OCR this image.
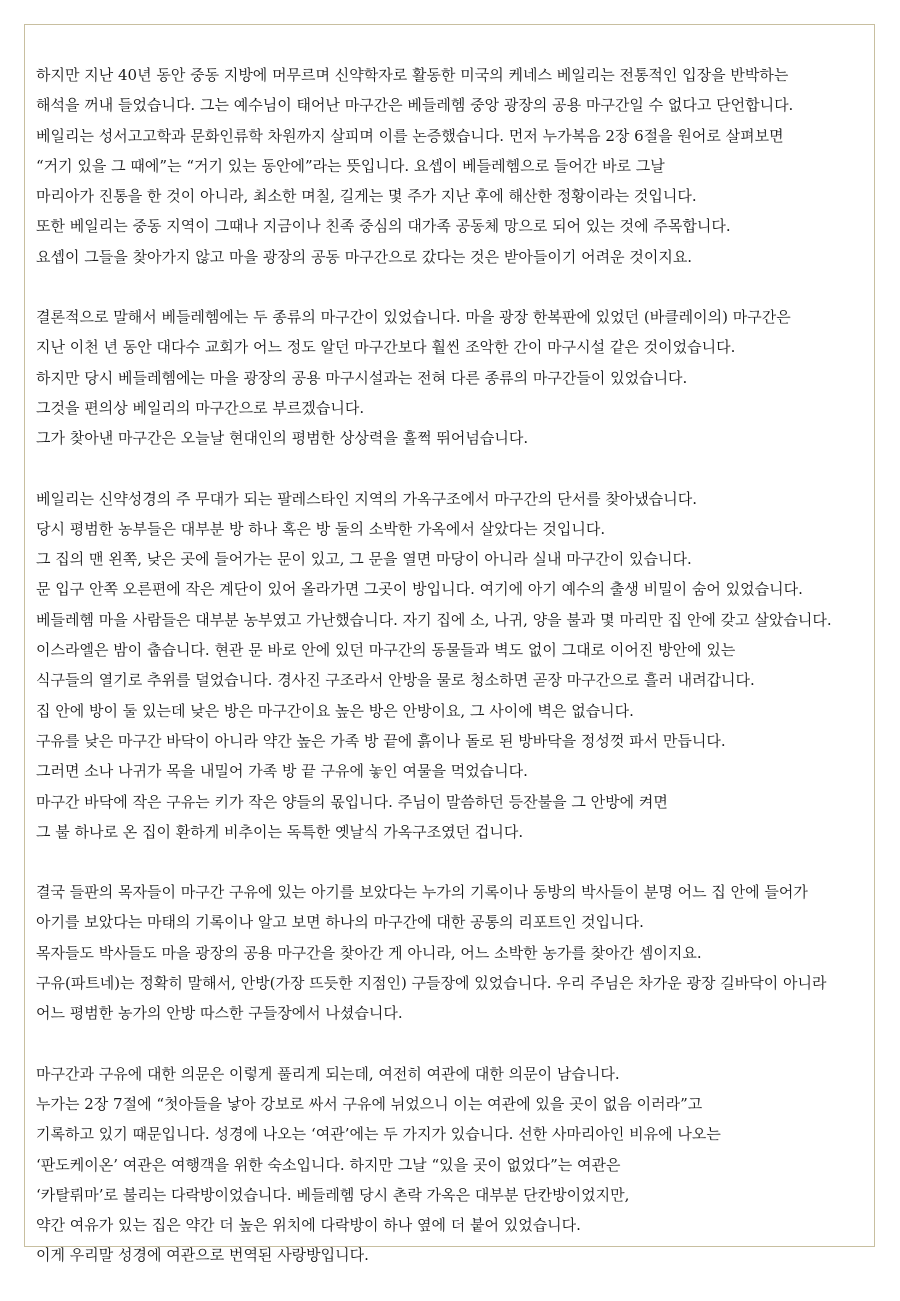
하지만 지난 40년 동안 중동 지방에 머무르며 신약학자로 활동한 미국의 케네스 베일리는 전통적인 입장을 반박하는
해석을 꺼내 들었습니다. 그는 예수님이 태어난 마구간은 베들레헴 중앙 광장의 공용 마구간일 수 없다고 단언합니다.
베일리는 성서고고학과 문화인류학 차원까지 살피며 이를 논증했습니다. 먼저 누가복음 2장 6절을 원어로 살펴보면
“거기 있을 그 때에”는 “거기 있는 동안에”라는 뜻입니다. 요셉이 베들레헴으로 들어간 바로 그날
마리아가 진통을 한 것이 아니라, 최소한 며칠, 길게는 몇 주가 지난 후에 해산한 정황이라는 것입니다.
또한 베일리는 중동 지역이 그때나 지금이나 친족 중심의 대가족 공동체 망으로 되어 있는 것에 주목합니다.
요셉이 그들을 찾아가지 않고 마을 광장의 공동 마구간으로 갔다는 것은 받아들이기 어려운 것이지요.
결론적으로 말해서 베들레헴에는 두 종류의 마구간이 있었습니다. 마을 광장 한복판에 있었던 (바클레이의) 마구간은
지난 이천 년 동안 대다수 교회가 어느 정도 알던 마구간보다 훨씬 조악한 간이 마구시설 같은 것이었습니다.
하지만 당시 베들레헴에는 마을 광장의 공용 마구시설과는 전혀 다른 종류의 마구간들이 있었습니다.
그것을 편의상 베일리의 마구간으로 부르겠습니다.
그가 찾아낸 마구간은 오늘날 현대인의 평범한 상상력을 훌쩍 뛰어넘습니다.
베일리는 신약성경의 주 무대가 되는 팔레스타인 지역의 가옥구조에서 마구간의 단서를 찾아냈습니다.
당시 평범한 농부들은 대부분 방 하나 혹은 방 둘의 소박한 가옥에서 살았다는 것입니다.
그 집의 맨 왼쪽, 낮은 곳에 들어가는 문이 있고, 그 문을 열면 마당이 아니라 실내 마구간이 있습니다.
문 입구 안쪽 오른편에 작은 계단이 있어 올라가면 그곳이 방입니다. 여기에 아기 예수의 출생 비밀이 숨어 있었습니다.
베들레헴 마을 사람들은 대부분 농부였고 가난했습니다. 자기 집에 소, 나귀, 양을 불과 몇 마리만 집 안에 갖고 살았습니다.
이스라엘은 밤이 춥습니다. 현관 문 바로 안에 있던 마구간의 동물들과 벽도 없이 그대로 이어진 방안에 있는
식구들의 열기로 추위를 덜었습니다. 경사진 구조라서 안방을 물로 청소하면 곧장 마구간으로 흘러 내려갑니다.
집 안에 방이 둘 있는데 낮은 방은 마구간이요 높은 방은 안방이요, 그 사이에 벽은 없습니다.
구유를 낮은 마구간 바닥이 아니라 약간 높은 가족 방 끝에 흙이나 돌로 된 방바닥을 정성껏 파서 만듭니다.
그러면 소나 나귀가 목을 내밀어 가족 방 끝 구유에 놓인 여물을 먹었습니다.
마구간 바닥에 작은 구유는 키가 작은 양들의 몫입니다. 주님이 말씀하던 등잔불을 그 안방에 켜면
그 불 하나로 온 집이 환하게 비추이는 독특한 옛날식 가옥구조였던 겁니다.
결국 들판의 목자들이 마구간 구유에 있는 아기를 보았다는 누가의 기록이나 동방의 박사들이 분명 어느 집 안에 들어가
아기를 보았다는 마태의 기록이나 알고 보면 하나의 마구간에 대한 공통의 리포트인 것입니다.
목자들도 박사들도 마을 광장의 공용 마구간을 찾아간 게 아니라, 어느 소박한 농가를 찾아간 셈이지요.
구유(파트네)는 정확히 말해서, 안방(가장 뜨듯한 지점인) 구들장에 있었습니다. 우리 주님은 차가운 광장 길바닥이 아니라
어느 평범한 농가의 안방 따스한 구들장에서 나셨습니다.
마구간과 구유에 대한 의문은 이렇게 풀리게 되는데, 여전히 여관에 대한 의문이 남습니다.
누가는 2장 7절에 “첫아들을 낳아 강보로 싸서 구유에 뉘었으니 이는 여관에 있을 곳이 없음 이러라”고
기록하고 있기 때문입니다. 성경에 나오는 ‘여관’에는 두 가지가 있습니다. 선한 사마리아인 비유에 나오는
‘판도케이온’ 여관은 여행객을 위한 숙소입니다. 하지만 그날 “있을 곳이 없었다”는 여관은
‘카탈뤼마’로 불리는 다락방이었습니다. 베들레헴 당시 촌락 가옥은 대부분 단칸방이었지만,
약간 여유가 있는 집은 약간 더 높은 위치에 다락방이 하나 옆에 더 붙어 있었습니다.
이게 우리말 성경에 여관으로 번역된 사랑방입니다.
